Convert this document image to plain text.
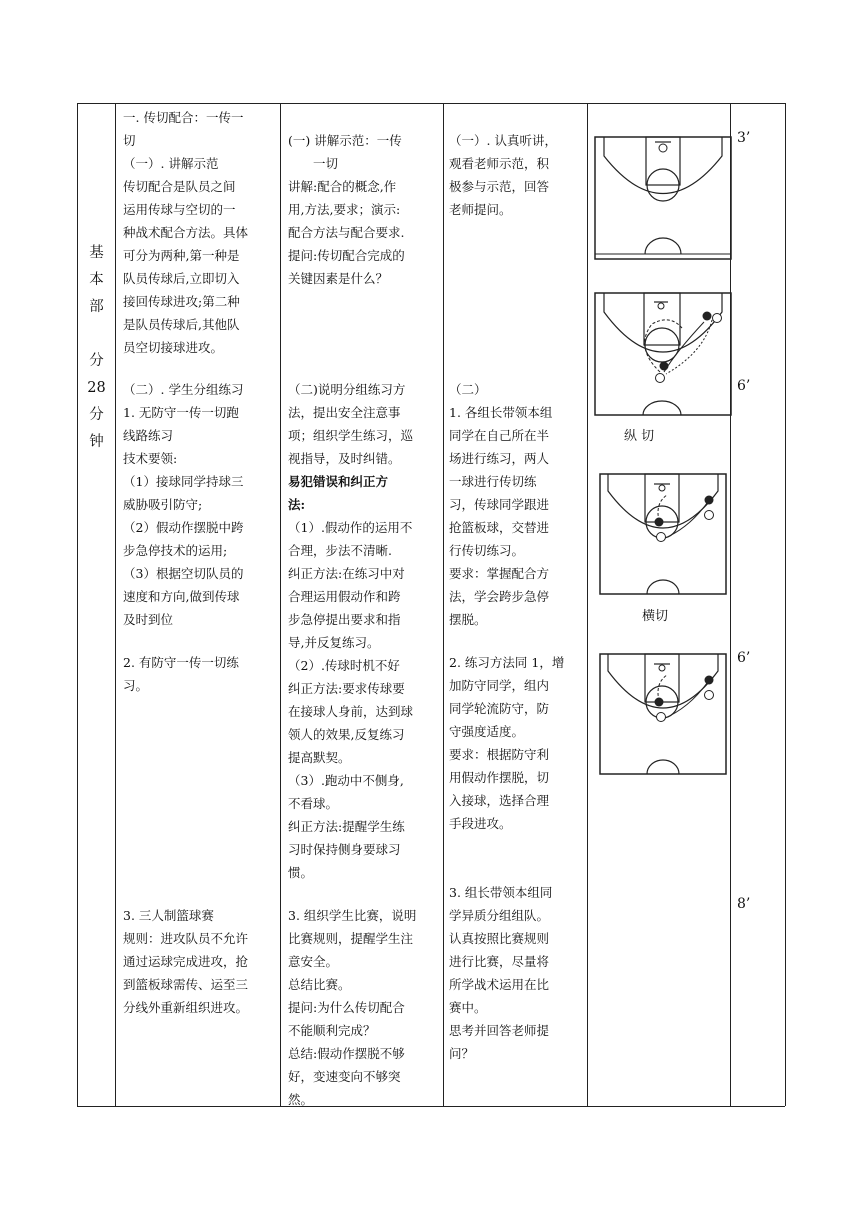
基
本
部

分
28
分
钟

一. 传切配合：一传一
切
（一）. 讲解示范
传切配合是队员之间
运用传球与空切的一
种战术配合方法。具体
可分为两种,第一种是
队员传球后,立即切入
接回传球进攻;第二种
是队员传球后,其他队
员空切接球进攻。

（二）. 学生分组练习
1. 无防守一传一切跑
线路练习
技术要领:
（1）接球同学持球三
威胁吸引防守;
（2）假动作摆脱中跨
步急停技术的运用;
（3）根据空切队员的
速度和方向,做到传球
及时到位

2. 有防守一传一切练
习。

3. 三人制篮球赛
规则：进攻队员不允许
通过运球完成进攻，抢
到篮板球需传、运至三
分线外重新组织进攻。

(一) 讲解示范：一传
　　一切
讲解:配合的概念,作
用,方法,要求；演示:
配合方法与配合要求.
提问:传切配合完成的
关键因素是什么？

（二)说明分组练习方
法，提出安全注意事
项；组织学生练习，巡
视指导，及时纠错。

易犯错误和纠正方
法:

（1）.假动作的运用不
合理，步法不清晰.
纠正方法:在练习中对
合理运用假动作和跨
步急停提出要求和指
导,并反复练习。
（2）.传球时机不好
纠正方法:要求传球要
在接球人身前，达到球
领人的效果,反复练习
提高默契。
（3）.跑动中不侧身,
不看球。
纠正方法:提醒学生练
习时保持侧身要球习
惯。

3. 组织学生比赛，说明
比赛规则，提醒学生注
意安全。
总结比赛。
提问:为什么传切配合
不能顺利完成？
总结:假动作摆脱不够
好，变速变向不够突
然。

（一）. 认真听讲，
观看老师示范，积
极参与示范，回答
老师提问。

（二）
1. 各组长带领本组
同学在自己所在半
场进行练习，两人
一球进行传切练
习，传球同学跟进
抢篮板球，交替进
行传切练习。
要求：掌握配合方
法，学会跨步急停
摆脱。

2. 练习方法同 1，增
加防守同学，组内
同学轮流防守，防
守强度适度。
要求：根据防守利
用假动作摆脱，切
入接球，选择合理
手段进攻。

3. 组长带领本组同
学异质分组组队。
认真按照比赛规则
进行比赛，尽量将
所学战术运用在比
赛中。
思考并回答老师提
问？

3’
6’
6’
8’
纵 切
横切
